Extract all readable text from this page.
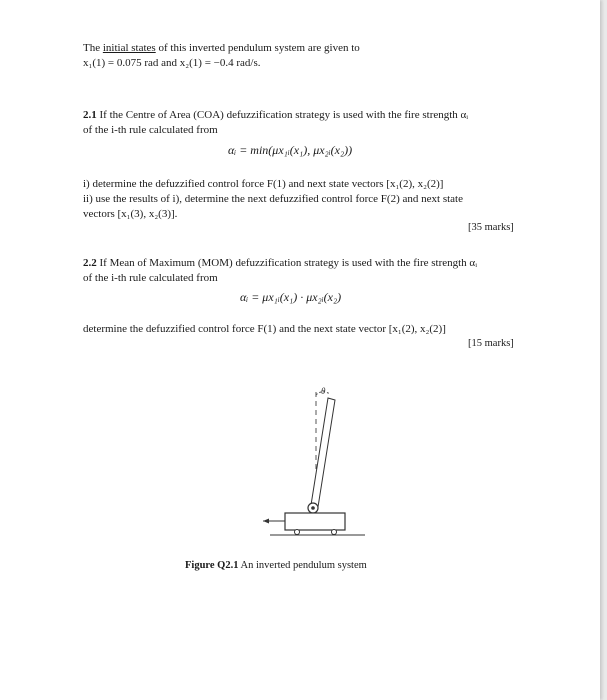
The initial states of this inverted pendulum system are given to
x₁(1) = 0.075 rad and x₂(1) = −0.4 rad/s.
2.1 If the Centre of Area (COA) defuzzification strategy is used with the fire strength αᵢ
of the i-th rule calculated from
αᵢ = min(μx₁ᵢ(x₁), μx₂ᵢ(x₂))
i) determine the defuzzified control force F(1) and next state vectors [x₁(2), x₂(2)]
ii) use the results of i), determine the next defuzzified control force F(2) and next state
vectors [x₁(3), x₂(3)].
[35 marks]
2.2 If Mean of Maximum (MOM) defuzzification strategy is used with the fire strength αᵢ
of the i-th rule calculated from
αᵢ = μx₁ᵢ(x₁) · μx₂ᵢ(x₂)
determine the defuzzified control force F(1) and the next state vector [x₁(2), x₂(2)]
[15 marks]
θ
Figure Q2.1 An inverted pendulum system
